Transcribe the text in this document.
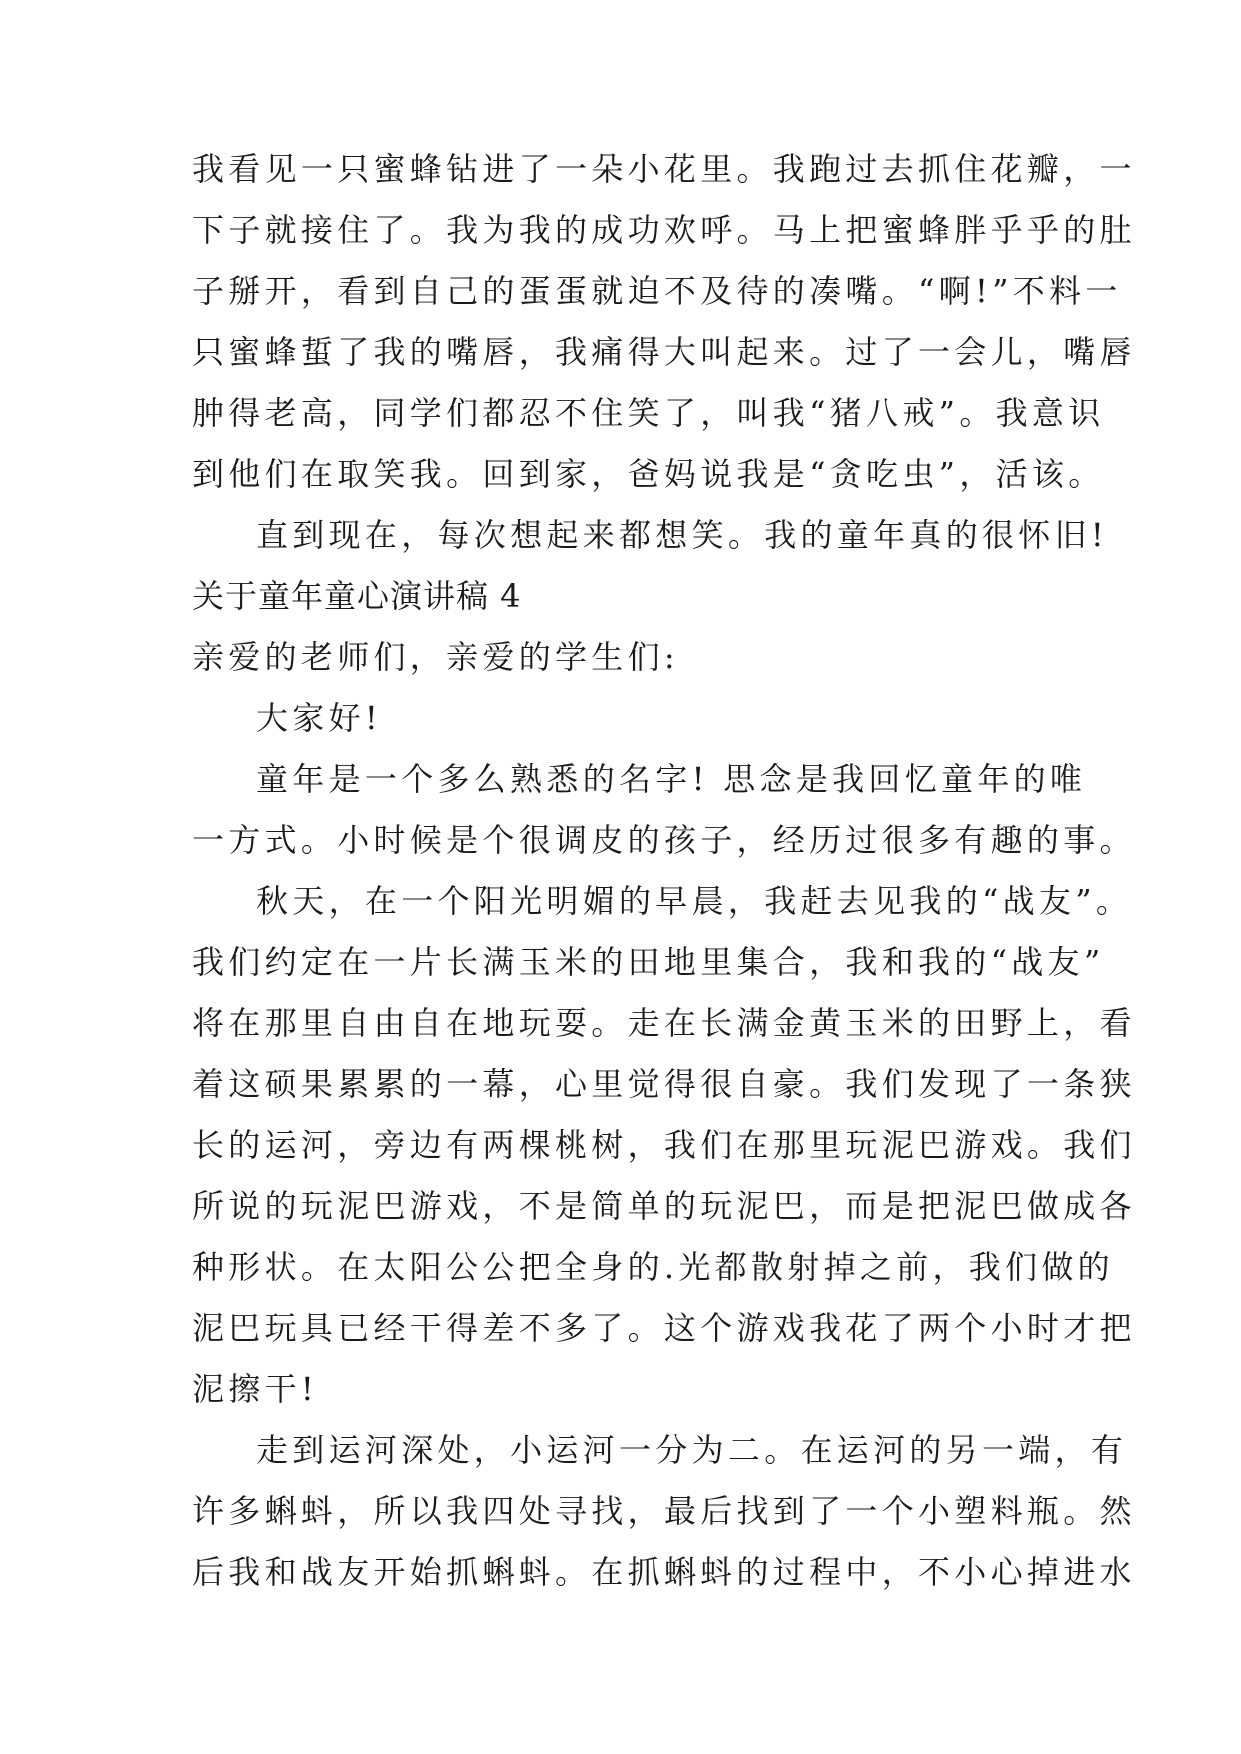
我看见一只蜜蜂钻进了一朵小花里。我跑过去抓住花瓣，一
下子就接住了。我为我的成功欢呼。马上把蜜蜂胖乎乎的肚
子掰开，看到自己的蛋蛋就迫不及待的凑嘴。“啊!”不料一
只蜜蜂蜇了我的嘴唇，我痛得大叫起来。过了一会儿，嘴唇
肿得老高，同学们都忍不住笑了，叫我“猪八戒”。我意识
到他们在取笑我。回到家，爸妈说我是“贪吃虫”，活该。
直到现在，每次想起来都想笑。我的童年真的很怀旧!
关于童年童心演讲稿 4
亲爱的老师们，亲爱的学生们:
大家好!
童年是一个多么熟悉的名字! 思念是我回忆童年的唯
一方式。小时候是个很调皮的孩子，经历过很多有趣的事。
秋天，在一个阳光明媚的早晨，我赶去见我的“战友”。
我们约定在一片长满玉米的田地里集合，我和我的“战友”
将在那里自由自在地玩耍。走在长满金黄玉米的田野上，看
着这硕果累累的一幕，心里觉得很自豪。我们发现了一条狭
长的运河，旁边有两棵桃树，我们在那里玩泥巴游戏。我们
所说的玩泥巴游戏，不是简单的玩泥巴，而是把泥巴做成各
种形状。在太阳公公把全身的.光都散射掉之前，我们做的
泥巴玩具已经干得差不多了。这个游戏我花了两个小时才把
泥擦干!
走到运河深处，小运河一分为二。在运河的另一端，有
许多蝌蚪，所以我四处寻找，最后找到了一个小塑料瓶。然
后我和战友开始抓蝌蚪。在抓蝌蚪的过程中，不小心掉进水
